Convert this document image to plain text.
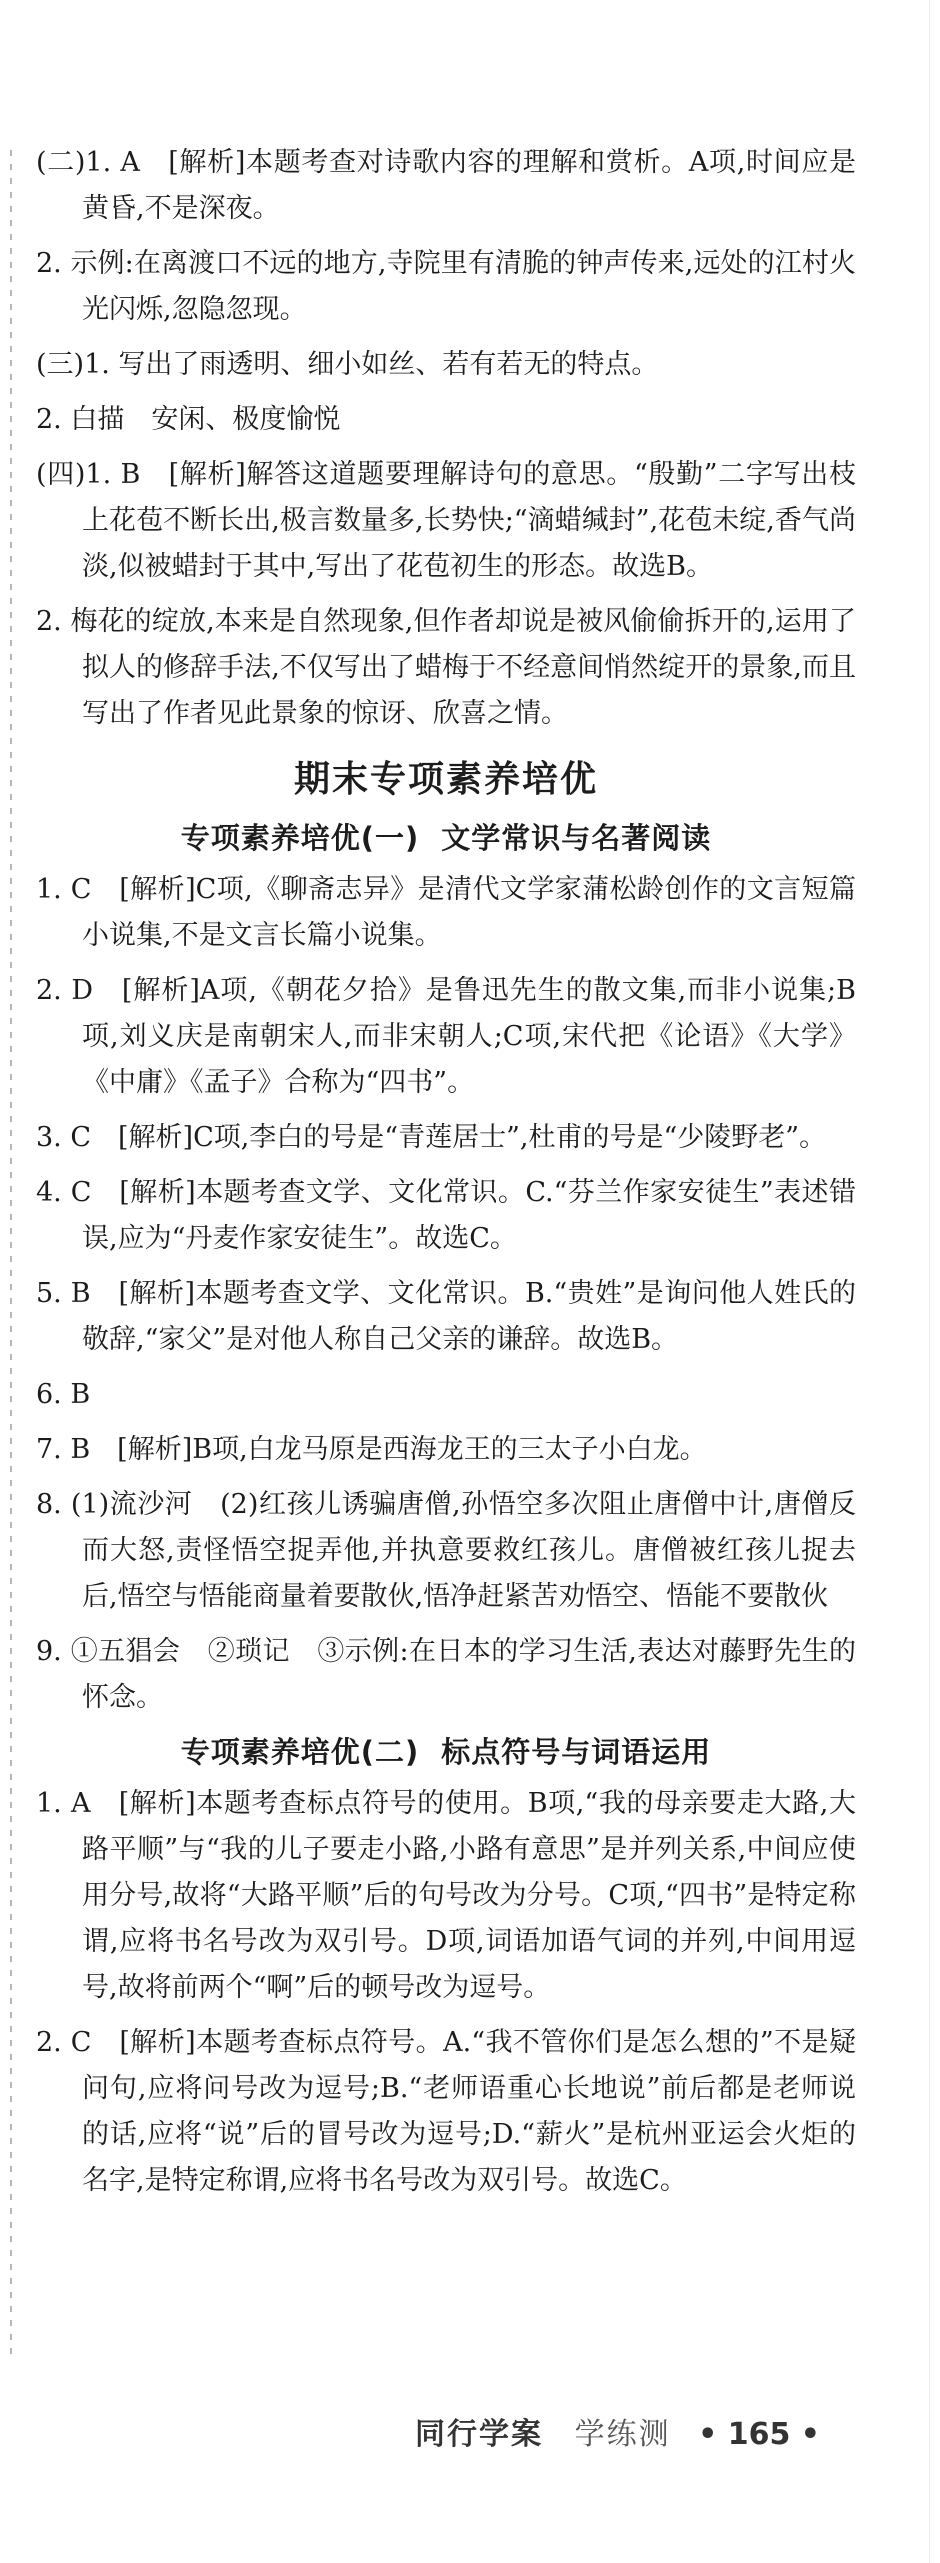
(二)1. A　[解析]本题考查对诗歌内容的理解和赏析。A项,时间应是黄昏,不是深夜。

2. 示例:在离渡口不远的地方,寺院里有清脆的钟声传来,远处的江村火光闪烁,忽隐忽现。

(三)1. 写出了雨透明、细小如丝、若有若无的特点。

2. 白描　安闲、极度愉悦

(四)1. B　[解析]解答这道题要理解诗句的意思。“殷勤”二字写出枝上花苞不断长出,极言数量多,长势快;“滴蜡缄封”,花苞未绽,香气尚淡,似被蜡封于其中,写出了花苞初生的形态。故选B。

2. 梅花的绽放,本来是自然现象,但作者却说是被风偷偷拆开的,运用了拟人的修辞手法,不仅写出了蜡梅于不经意间悄然绽开的景象,而且写出了作者见此景象的惊讶、欣喜之情。

期末专项素养培优
专项素养培优(一) 文学常识与名著阅读

1. C　[解析]C项,《聊斋志异》是清代文学家蒲松龄创作的文言短篇小说集,不是文言长篇小说集。

2. D　[解析]A项,《朝花夕拾》是鲁迅先生的散文集,而非小说集;B项,刘义庆是南朝宋人,而非宋朝人;C项,宋代把《论语》《大学》《中庸》《孟子》合称为“四书”。

3. C　[解析]C项,李白的号是“青莲居士”,杜甫的号是“少陵野老”。

4. C　[解析]本题考查文学、文化常识。C.“芬兰作家安徒生”表述错误,应为“丹麦作家安徒生”。故选C。

5. B　[解析]本题考查文学、文化常识。B.“贵姓”是询问他人姓氏的敬辞,“家父”是对他人称自己父亲的谦辞。故选B。

6. B

7. B　[解析]B项,白龙马原是西海龙王的三太子小白龙。

8. (1)流沙河　(2)红孩儿诱骗唐僧,孙悟空多次阻止唐僧中计,唐僧反而大怒,责怪悟空捉弄他,并执意要救红孩儿。唐僧被红孩儿捉去后,悟空与悟能商量着要散伙,悟净赶紧苦劝悟空、悟能不要散伙

9. ①五猖会　②琐记　③示例:在日本的学习生活,表达对藤野先生的怀念。

专项素养培优(二) 标点符号与词语运用

1. A　[解析]本题考查标点符号的使用。B项,“我的母亲要走大路,大路平顺”与“我的儿子要走小路,小路有意思”是并列关系,中间应使用分号,故将“大路平顺”后的句号改为分号。C项,“四书”是特定称谓,应将书名号改为双引号。D项,词语加语气词的并列,中间用逗号,故将前两个“啊”后的顿号改为逗号。

2. C　[解析]本题考查标点符号。A.“我不管你们是怎么想的”不是疑问句,应将问号改为逗号;B.“老师语重心长地说”前后都是老师说的话,应将“说”后的冒号改为逗号;D.“薪火”是杭州亚运会火炬的名字,是特定称谓,应将书名号改为双引号。故选C。

同行学案 学练测 • 165 •
